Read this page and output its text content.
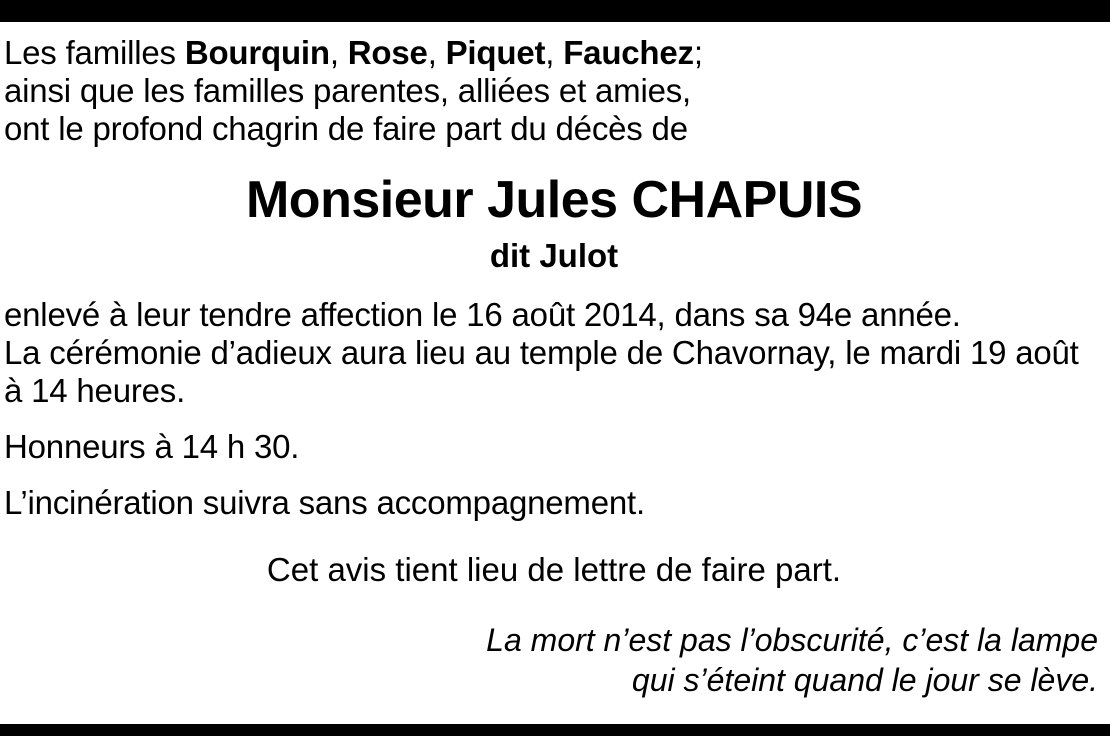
Les familles Bourquin, Rose, Piquet, Fauchez;
ainsi que les familles parentes, alliées et amies,
ont le profond chagrin de faire part du décès de
Monsieur Jules CHAPUIS
dit Julot
enlevé à leur tendre affection le 16 août 2014, dans sa 94e année.
La cérémonie d’adieux aura lieu au temple de Chavornay, le mardi 19 août
à 14 heures.
Honneurs à 14 h 30.
L’incinération suivra sans accompagnement.
Cet avis tient lieu de lettre de faire part.
La mort n’est pas l’obscurité, c’est la lampe
qui s’éteint quand le jour se lève.
